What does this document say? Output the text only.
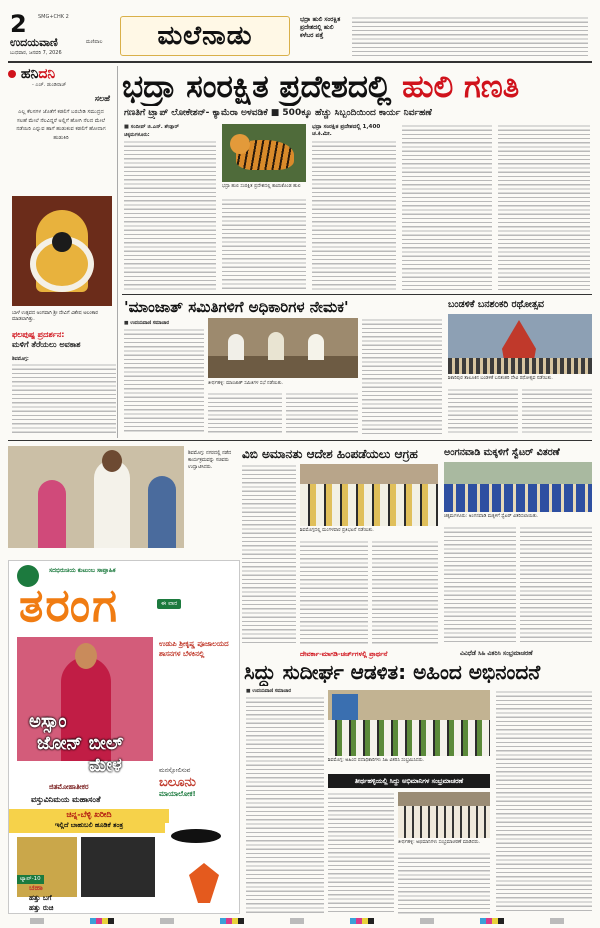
2 SMG+CHK 2
ಉದಯವಾಣಿ	ಮಣಿಪಾಲ
ಬುಧವಾರ, ಜನವರಿ 7, 2026
ಮಲೆನಾಡು
ಭದ್ರಾ ಹುಲಿ ಸಂರಕ್ಷಿತ ಪ್ರದೇಶದಲ್ಲಿ ಹುಲಿ ಕಳೆಬರ ಪತ್ತೆ
ಹನಿದನಿ
- ಎಚ್. ಡುಂಡಿರಾಜ್
ಸಲಹೆ
ಎಲ್ಲ ಕೆಲಸಗಳ ಜೊತೆಗೆ ಕಡಲಿಗೆ ಬರಬೇಡಿ ಸಮುದ್ರದ ಸಲಹೆ ಮೇಲೆ ನೆಲವಿದ್ದರೆ ಅಲ್ಲಿಗೆ ಹೋಗಿ ನೆಲದ ಮೇಲೆ ನಡೆಯಿರಿ ಎನ್ನುವ ಹಾಗೆ ಹುಡುಕುವ ಕಡಲಿಗೆ ಹೋದಾಗ ಹುಡುಕಿರಿ
ಬಾಳೆ ಉತ್ಸವದ ಅಂಗವಾಗಿ ಶ್ರೀ ದೇವಿಗೆ ವಿಶೇಷ ಅಲಂಕಾರ ಮಾಡಲಾಗಿತ್ತು.
ಫಲಪುಷ್ಪ ಪ್ರದರ್ಶನ:
ಮಳಿಗೆ ತೆರೆಯಲು ಅವಕಾಶ
ಶಿವಮೊಗ್ಗ:
ಭದ್ರಾ ಸಂರಕ್ಷಿತ ಪ್ರದೇಶದಲ್ಲಿ ಹುಲಿ ಗಣತಿ
ಗಣತಿಗೆ ಟ್ರ್ಯಾಪ್ ಲೋಕೇಶನ್- ಕ್ಯಾಮೆರಾ ಅಳವಡಿಕೆ ■ 500ಕ್ಕೂ ಹೆಚ್ಚು ಸಿಬ್ಬಂದಿಯಿಂದ ಕಾರ್ಯ ನಿರ್ವಹಣೆ
■ ಸಂದೀಪ್ ಜಿ.ಎನ್. ಶೇಡ್ಗಾರ್
ಚಿಕ್ಕಮಗಳೂರು:
ಭದ್ರಾ ಹುಲಿ ಸಂರಕ್ಷಿತ ಪ್ರದೇಶದಲ್ಲಿ ಕಾಣಿಸಿಕೊಂಡ ಹುಲಿ
ಭದ್ರಾ ಸಂರಕ್ಷಿತ ಪ್ರದೇಶದಲ್ಲಿ 1,400 ಚ.ಕಿ.ಮೀ.
'ಮಾಂಜಾತ್ ಸಮಿತಿಗಳಿಗೆ ಅಧಿಕಾರಿಗಳ ನೇಮಕ'
■ ಉದಯವಾಣಿ ಸಮಾಚಾರ
ತೀರ್ಥಹಳ್ಳಿ: ಮಾಂಜಾತ್ ಸಮಿತಿಗಳ ಸಭೆ ನಡೆಯಿತು.
ಬಂಡಳಿಕೆ ಬನಶಂಕರಿ ರಥೋತ್ಸವ
ಶಿಕಾರಿಪುರ ತಾಲೂಕಿನ ಬಂಡಳಿಕೆ ಬನಶಂಕರಿ ದೇವಿ ರಥೋತ್ಸವ ನಡೆಯಿತು.
ಶಿವಮೊಗ್ಗ: ನಗರದಲ್ಲಿ ನಡೆದ ಕಾರ್ಯಕ್ರಮವನ್ನು ಸಚಿವರು ಉದ್ಘಾಟಿಸಿದರು.
ವಿಬಿ ಅಮಾನತು ಆದೇಶ ಹಿಂಪಡೆಯಲು ಆಗ್ರಹ
ಶಿವಮೊಗ್ಗದಲ್ಲಿ ಮಂಗಳವಾರ ಪ್ರತಿಭಟನೆ ನಡೆಯಿತು.
ಅಂಗನವಾಡಿ ಮಕ್ಕಳಿಗೆ ಸ್ವೆಟರ್ ವಿತರಣೆ
ಚಿಕ್ಕಮಗಳೂರು: ಅಂಗನವಾಡಿ ಮಕ್ಕಳಿಗೆ ಸ್ವೆಟರ್ ವಿತರಿಸಲಾಯಿತು.
ಸದಭಿರುಚಿಯ ಕುಟುಂಬ ಸಾಪ್ತಾಹಿಕ
ತರಂಗ	ಈ ವಾರ
ಉಡುಪಿ ಶ್ರೀಕೃಷ್ಣ ಪೂಜಾಲಯದ ಶಾಸನಗಳ ಬೆಳಕಿನಲ್ಲಿ
ಅಸ್ಸಾಂ
ಜೋನ್ ಬೀಲ್
ಮೇಳ
ಜಿತಮೋಹಾತೀಕರ
ವಸ್ತುವಿನಿಮಯ ಮಹಾಸಂತೆ
ಚಿನ್ನ-ಬೆಳ್ಳಿ ಖರೀದಿ
ಇಲ್ಲಿದೆ ಬಾಹುಬಲಿ ಹೂಡಿಕೆ ತಂತ್ರ
ಮನಸ್ಸೋಲಿಸುವ
ಬಲೂನು
ಮಾಯಾಲೋಕ!
ಟ್ಯಾಪ್-10
ಚಹಾ
ಹತ್ತು ಬಗೆ
ಹತ್ತು ರುಚಿ
ದೇವರ್ಕಾ-ಮಾಗಡಿ-ಚರ್ಚ್‌ಗಳಲ್ಲಿ ಪ್ರಾರ್ಥನೆ	ವಿವಿಧೆಡೆ ಸಿಹಿ ವಿತರಿಸಿ ಸಂಭ್ರಮಾಚರಣೆ
ಸಿದ್ದು ಸುದೀರ್ಘ ಆಡಳಿತ: ಅಹಿಂದ ಅಭಿನಂದನೆ
■ ಉದಯವಾಣಿ ಸಮಾಚಾರ
ಶಿವಮೊಗ್ಗ: ಅಹಿಂದ ಪದಾಧಿಕಾರಿಗಳು ಸಿಹಿ ವಿತರಿಸಿ ಸಂಭ್ರಮಿಸಿದರು.
ತೀರ್ಥಹಳ್ಳಿಯಲ್ಲಿ ಸಿದ್ದು ಅಭಿಮಾನಿಗಳ ಸಂಭ್ರಮಾಚರಣೆ
ತೀರ್ಥಹಳ್ಳಿ: ಅಭಿಮಾನಿಗಳು ಸಂಭ್ರಮಾಚರಣೆ ಮಾಡಿದರು.
